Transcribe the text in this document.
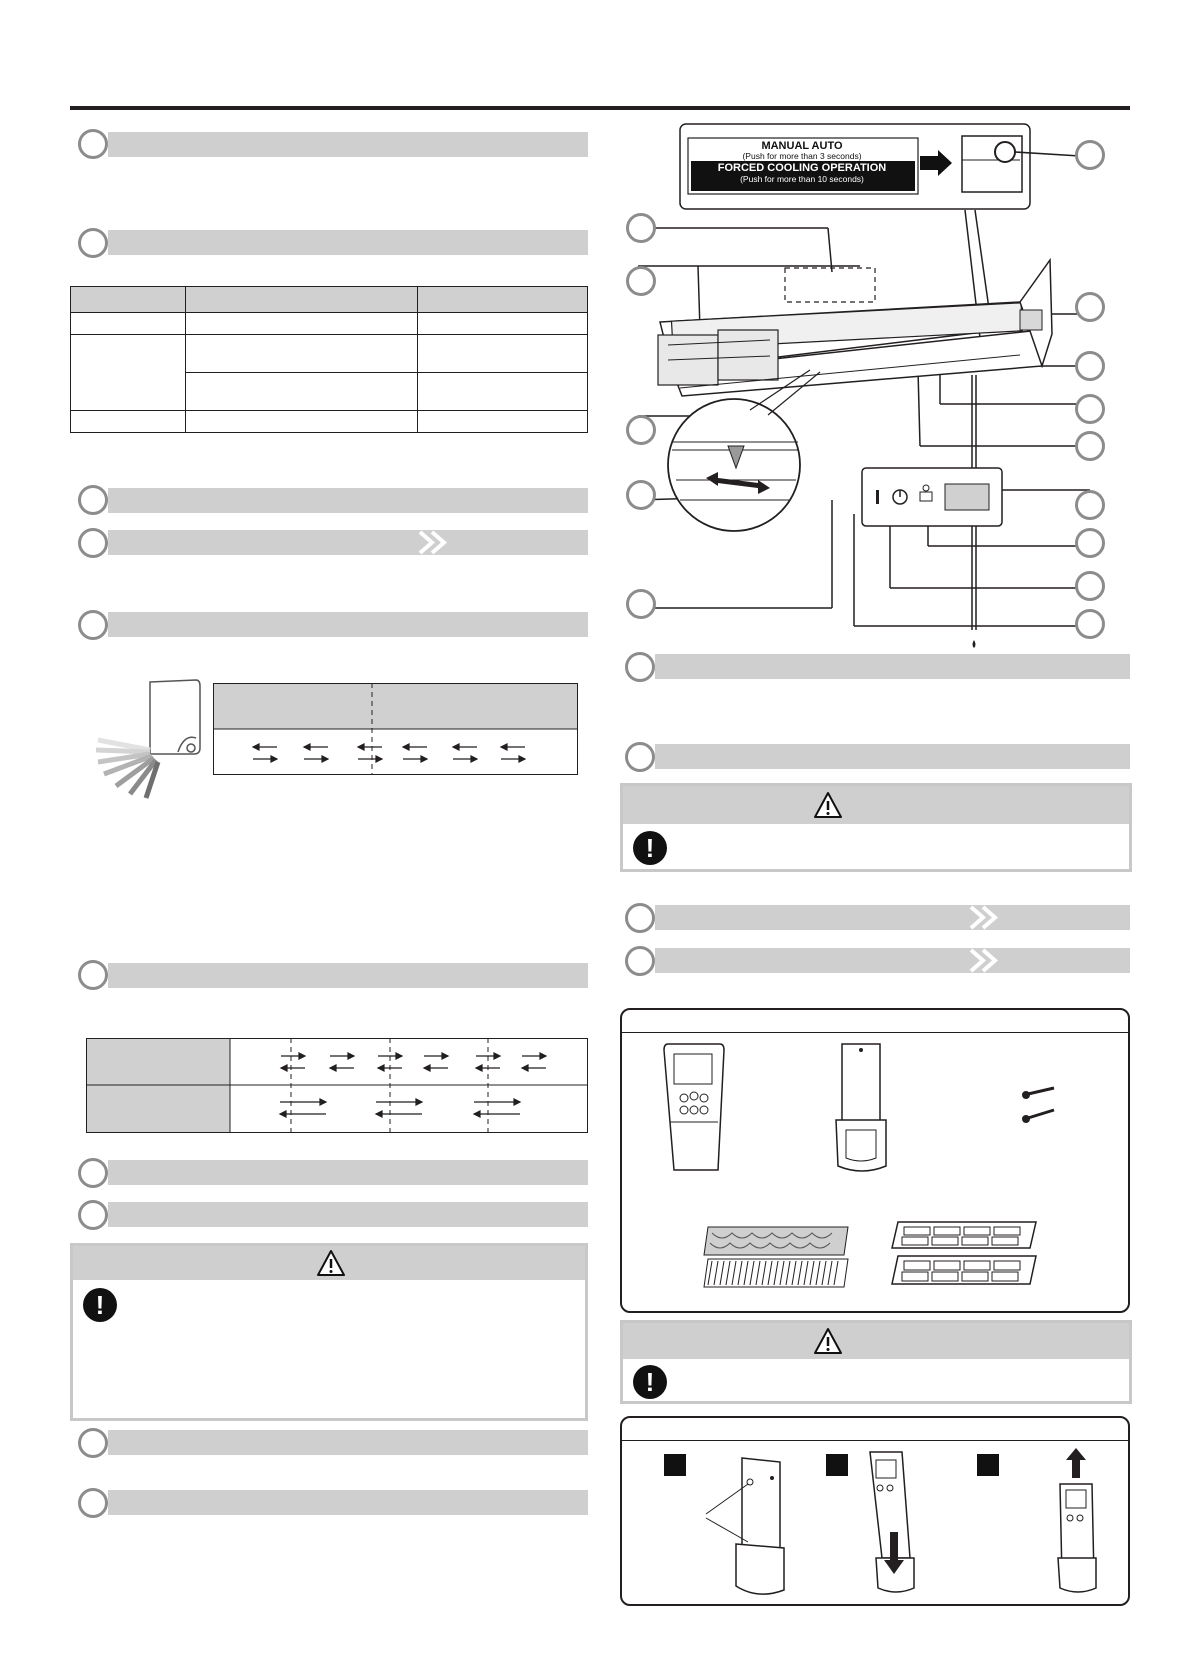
!
MANUAL AUTO
(Push for more than 3 seconds)
FORCED COOLING OPERATION
(Push for more than 10 seconds)
!
!
